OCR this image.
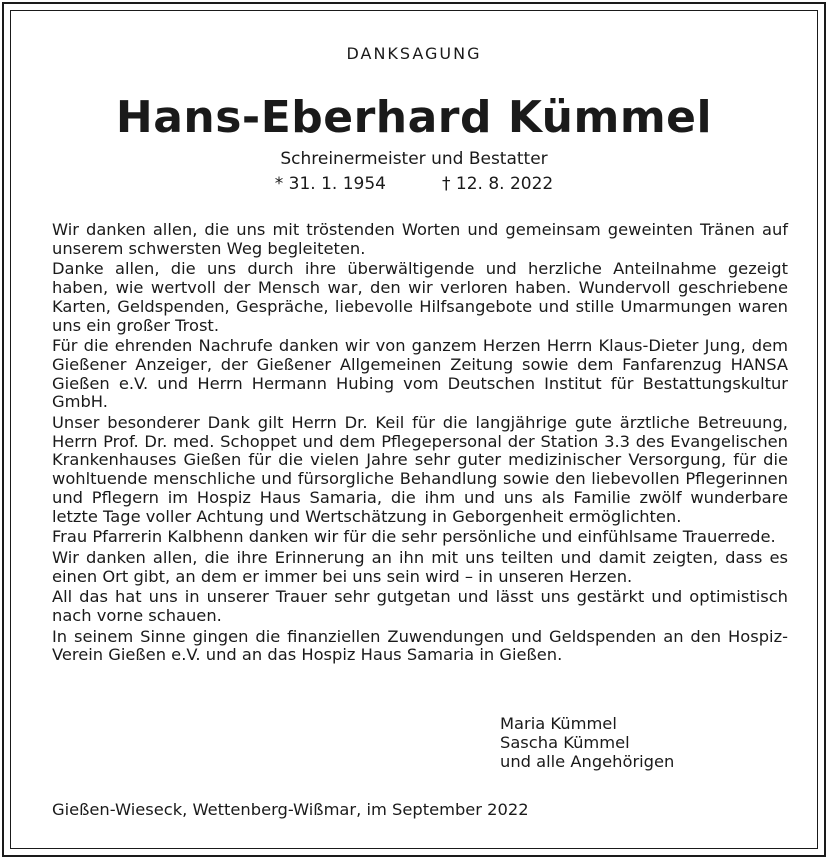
DANKSAGUNG
Hans-Eberhard Kümmel
Schreinermeister und Bestatter
* 31. 1. 1954	† 12. 8. 2022

Wir danken allen, die uns mit tröstenden Worten und gemeinsam geweinten Tränen auf unserem schwersten Weg begleiteten.

Danke allen, die uns durch ihre überwältigende und herzliche Anteilnahme gezeigt haben, wie wertvoll der Mensch war, den wir verloren haben. Wundervoll geschriebene Karten, Geldspenden, Gespräche, liebevolle Hilfsangebote und stille Umarmungen waren uns ein großer Trost.

Für die ehrenden Nachrufe danken wir von ganzem Herzen Herrn Klaus-Dieter Jung, dem Gießener Anzeiger, der Gießener Allgemeinen Zeitung sowie dem Fanfarenzug HANSA Gießen e.V. und Herrn Hermann Hubing vom Deutschen Institut für Bestattungskultur GmbH.

Unser besonderer Dank gilt Herrn Dr. Keil für die langjährige gute ärztliche Betreuung, Herrn Prof. Dr. med. Schoppet und dem Pflegepersonal der Station 3.3 des Evangelischen Krankenhauses Gießen für die vielen Jahre sehr guter medizinischer Versorgung, für die wohltuende menschliche und fürsorgliche Behandlung sowie den liebevollen Pflegerinnen und Pflegern im Hospiz Haus Samaria, die ihm und uns als Familie zwölf wunderbare letzte Tage voller Achtung und Wertschätzung in Geborgenheit ermöglichten.

Frau Pfarrerin Kalbhenn danken wir für die sehr persönliche und einfühlsame Trauerrede.

Wir danken allen, die ihre Erinnerung an ihn mit uns teilten und damit zeigten, dass es einen Ort gibt, an dem er immer bei uns sein wird – in unseren Herzen.

All das hat uns in unserer Trauer sehr gutgetan und lässt uns gestärkt und optimistisch nach vorne schauen.

In seinem Sinne gingen die finanziellen Zuwendungen und Geldspenden an den Hospiz-Verein Gießen e.V. und an das Hospiz Haus Samaria in Gießen.

Maria Kümmel
Sascha Kümmel
und alle Angehörigen
Gießen-Wieseck, Wettenberg-Wißmar, im September 2022
